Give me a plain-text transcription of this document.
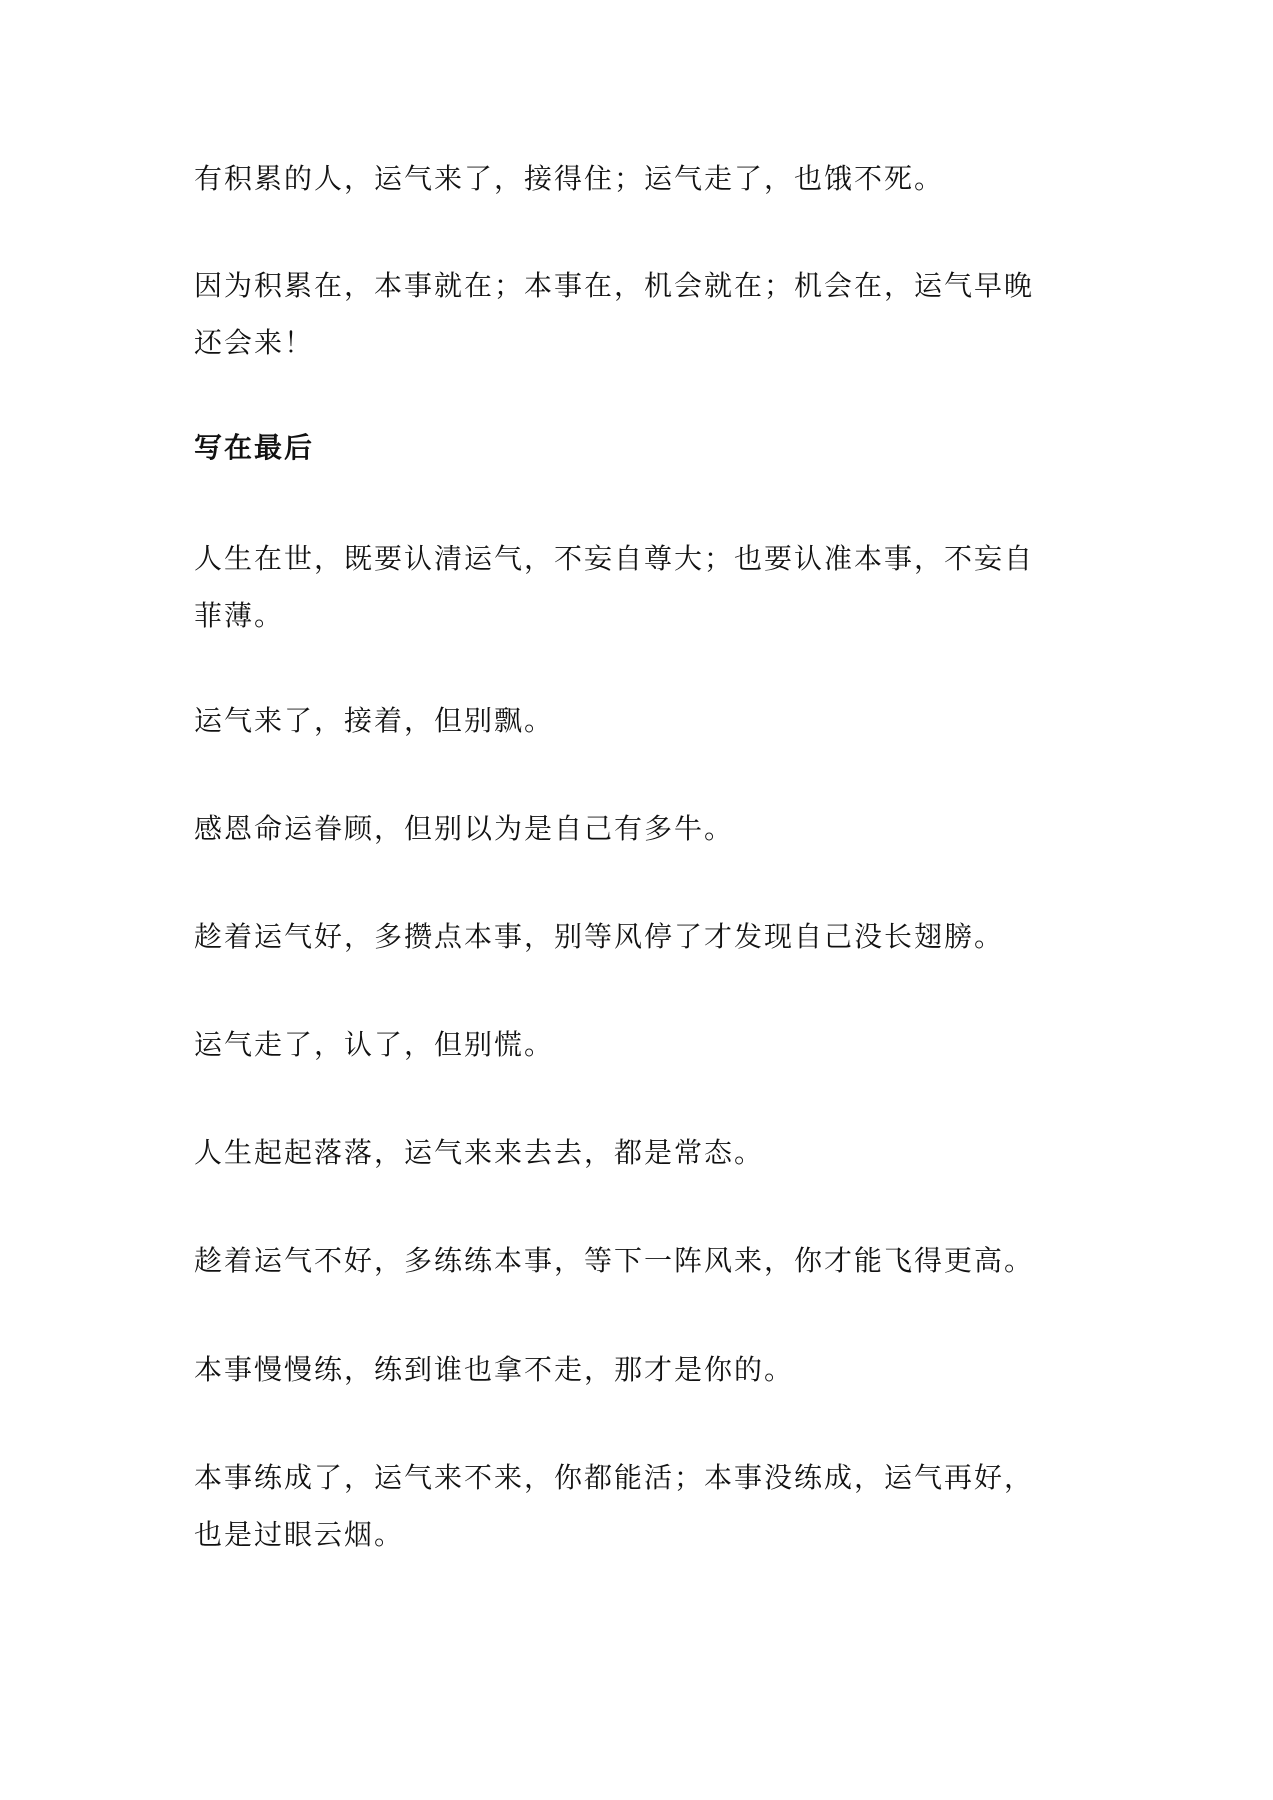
有积累的人，运气来了，接得住；运气走了，也饿不死。
因为积累在，本事就在；本事在，机会就在；机会在，运气早晚
还会来！
写在最后
人生在世，既要认清运气，不妄自尊大；也要认准本事，不妄自
菲薄。
运气来了，接着，但别飘。
感恩命运眷顾，但别以为是自己有多牛。
趁着运气好，多攒点本事，别等风停了才发现自己没长翅膀。
运气走了，认了，但别慌。
人生起起落落，运气来来去去，都是常态。
趁着运气不好，多练练本事，等下一阵风来，你才能飞得更高。
本事慢慢练，练到谁也拿不走，那才是你的。
本事练成了，运气来不来，你都能活；本事没练成，运气再好，
也是过眼云烟。
